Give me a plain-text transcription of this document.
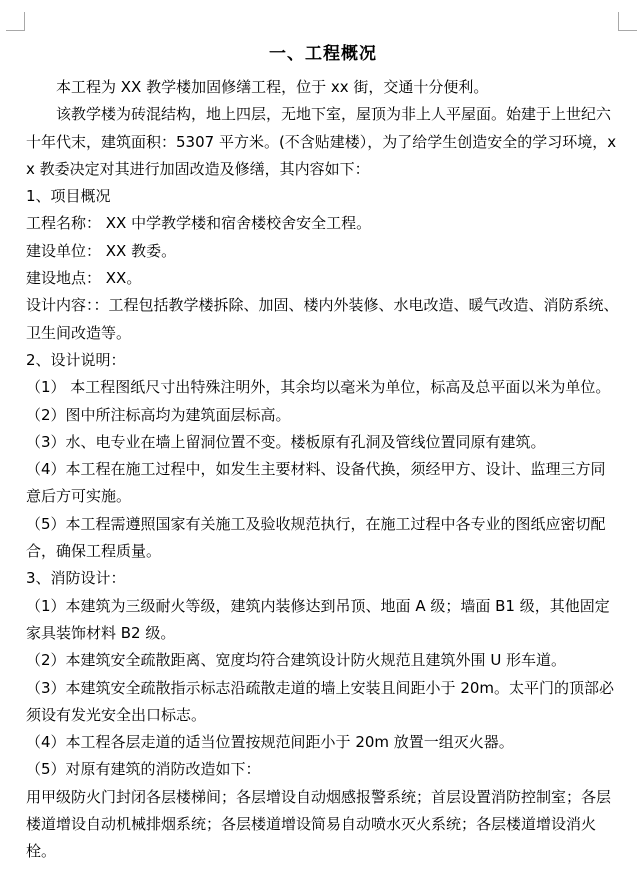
一、工程概况

本工程为 XX 教学楼加固修缮工程，位于 xx 街，交通十分便利。

该教学楼为砖混结构，地上四层，无地下室，屋顶为非上人平屋面。始建于上世纪六十年代末，建筑面积：5307 平方米。(不含贴建楼），为了给学生创造安全的学习环境，xx 教委决定对其进行加固改造及修缮，其内容如下：

1、项目概况

工程名称： XX 中学教学楼和宿舍楼校舍安全工程。

建设单位： XX 教委。

建设地点： XX。

设计内容：：工程包括教学楼拆除、加固、楼内外装修、水电改造、暖气改造、消防系统、卫生间改造等。

2、设计说明：

（1） 本工程图纸尺寸出特殊注明外，其余均以毫米为单位，标高及总平面以米为单位。

（2）图中所注标高均为建筑面层标高。

（3）水、电专业在墙上留洞位置不变。楼板原有孔洞及管线位置同原有建筑。

（4）本工程在施工过程中，如发生主要材料、设备代换，须经甲方、设计、监理三方同意后方可实施。

（5）本工程需遵照国家有关施工及验收规范执行，在施工过程中各专业的图纸应密切配合，确保工程质量。

3、消防设计：

（1）本建筑为三级耐火等级，建筑内装修达到吊顶、地面 A 级；墙面 B1 级，其他固定家具装饰材料 B2 级。

（2）本建筑安全疏散距离、宽度均符合建筑设计防火规范且建筑外围 U 形车道。

（3）本建筑安全疏散指示标志沿疏散走道的墙上安装且间距小于 20m。太平门的顶部必须设有发光安全出口标志。

（4）本工程各层走道的适当位置按规范间距小于 20m 放置一组灭火器。

（5）对原有建筑的消防改造如下：

用甲级防火门封闭各层楼梯间；各层增设自动烟感报警系统；首层设置消防控制室；各层楼道增设自动机械排烟系统；各层楼道增设简易自动喷水灭火系统；各层楼道增设消火栓。
